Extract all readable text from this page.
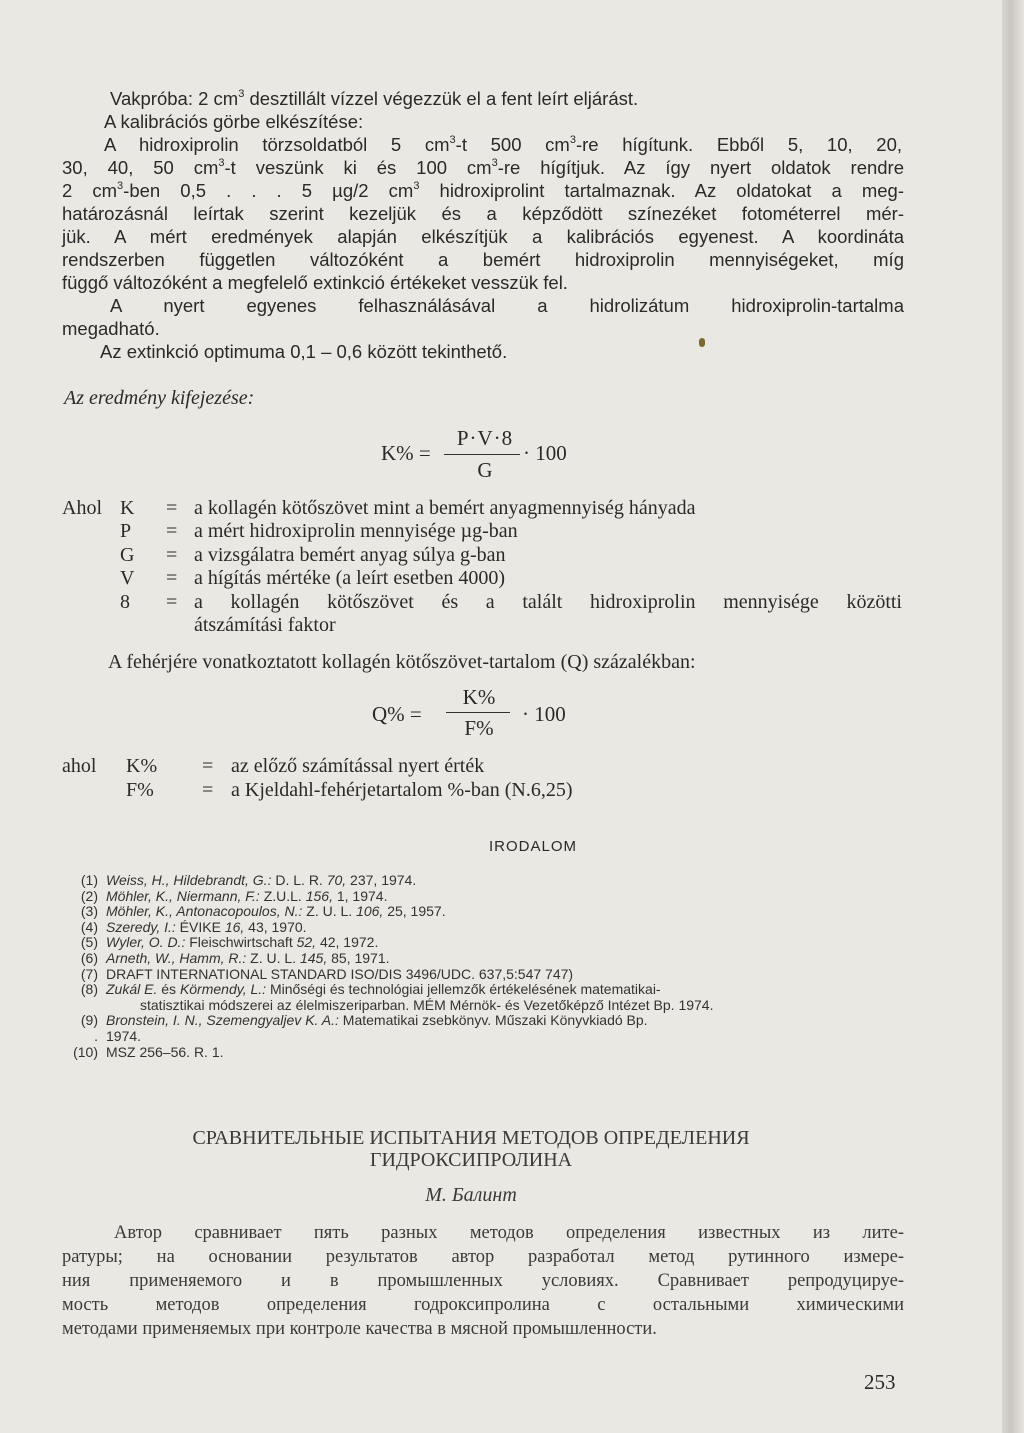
Vakpróba: 2 $cm^3$ desztillált vízzel végezzük el a fent leírt eljárást.
A kalibrációs görbe elkészítése:
A hidroxiprolin törzsoldatból 5 $cm^3-t$ 500 $cm^3-re$ hígítunk. Ebből 5, 10, 20,
30, 40, 50 $cm^3-t$ veszünk ki és 100 $cm^3-re$ hígítjuk. Az így nyert oldatok rendre
2 $cm^3$-ben 0,5 . . . 5 µg/2 $cm^3$ hidroxiprolint tartalmaznak. Az oldatokat a meg-
határozásnál leírtak szerint kezeljük és a képződött színezéket fotométerrel mér-
jük. A mért eredmények alapján elkészítjük a kalibrációs egyenest. A koordináta
rendszerben független változóként a bemért hidroxiprolin mennyiségeket, míg
függő változóként a megfelelő extinkció értékeket vesszük fel.
A nyert egyenes felhasználásával a hidrolizátum hidroxiprolin-tartalma
megadható.
Az extinkció optimuma 0,1 – 0,6 között tekinthető.
Az eredmény kifejezése:
K% =
P·V·8
G
· 100
Ahol
átszámítási faktor
A fehérjére vonatkoztatott kollagén kötőszövet-tartalom (Q) százalékban:
Q% =
K%
F%
· 100
ahol
IRODALOM
СРАВНИТЕЛЬНЫЕ ИСПЫТАНИЯ МЕТОДОВ ОПРЕДЕЛЕНИЯ
ГИДРОКСИПРОЛИНА
М. Балинт
253
K = a kollagén kötőszövet mint a bemért anyagmennyiség hányada
P = a mért hidroxiprolin mennyisége µg-ban
G = a vizsgálatra bemért anyag súlya g-ban
V = a hígítás mértéke (a leírt esetben 4000)
8 = a kollagén kötőszövet és a talált hidroxiprolin mennyisége közötti
K% = az előző számítással nyert érték
F% = a Kjeldahl-fehérjetartalom %-ban (N.6,25)
(1) Weiss, H., Hildebrandt, G.: D. L. R. 70, 237, 1974.
(2) Möhler, K., Niermann, F.: Z.U.L. 156, 1, 1974.
(3) Möhler, K., Antonacopoulos, N.: Z. U. L. 106, 25, 1957.
(4) Szeredy, I.: ÉVIKE 16, 43, 1970.
(5) Wyler, O. D.: Fleischwirtschaft 52, 42, 1972.
(6) Arneth, W., Hamm, R.: Z. U. L. 145, 85, 1971.
(7) DRAFT INTERNATIONAL STANDARD ISO/DIS 3496/UDC. 637,5:547 747)
(8) Zukál E. és Körmendy, L.: Minőségi és technológiai jellemzők értékelésének matematikai-
statisztikai módszerei az élelmiszeriparban. MÉM Mérnök- és Vezetőképző Intézet Bp. 1974.
(9) Bronstein, I. N., Szemengyaljev K. A.: Matematikai zsebkönyv. Műszaki Könyvkiadó Bp.
. 1974.
(10) MSZ 256–56. R. 1.
Автор сравнивает пять разных методов определения известных из лите-
ратуры; на основании результатов автор разработал метод рутинного измере-
ния применяемого и в промышленных условиях. Сравнивает репродуцируе-
мость методов определения годроксипролина с остальными химическими
методами применяемых при контроле качества в мясной промышленности.
